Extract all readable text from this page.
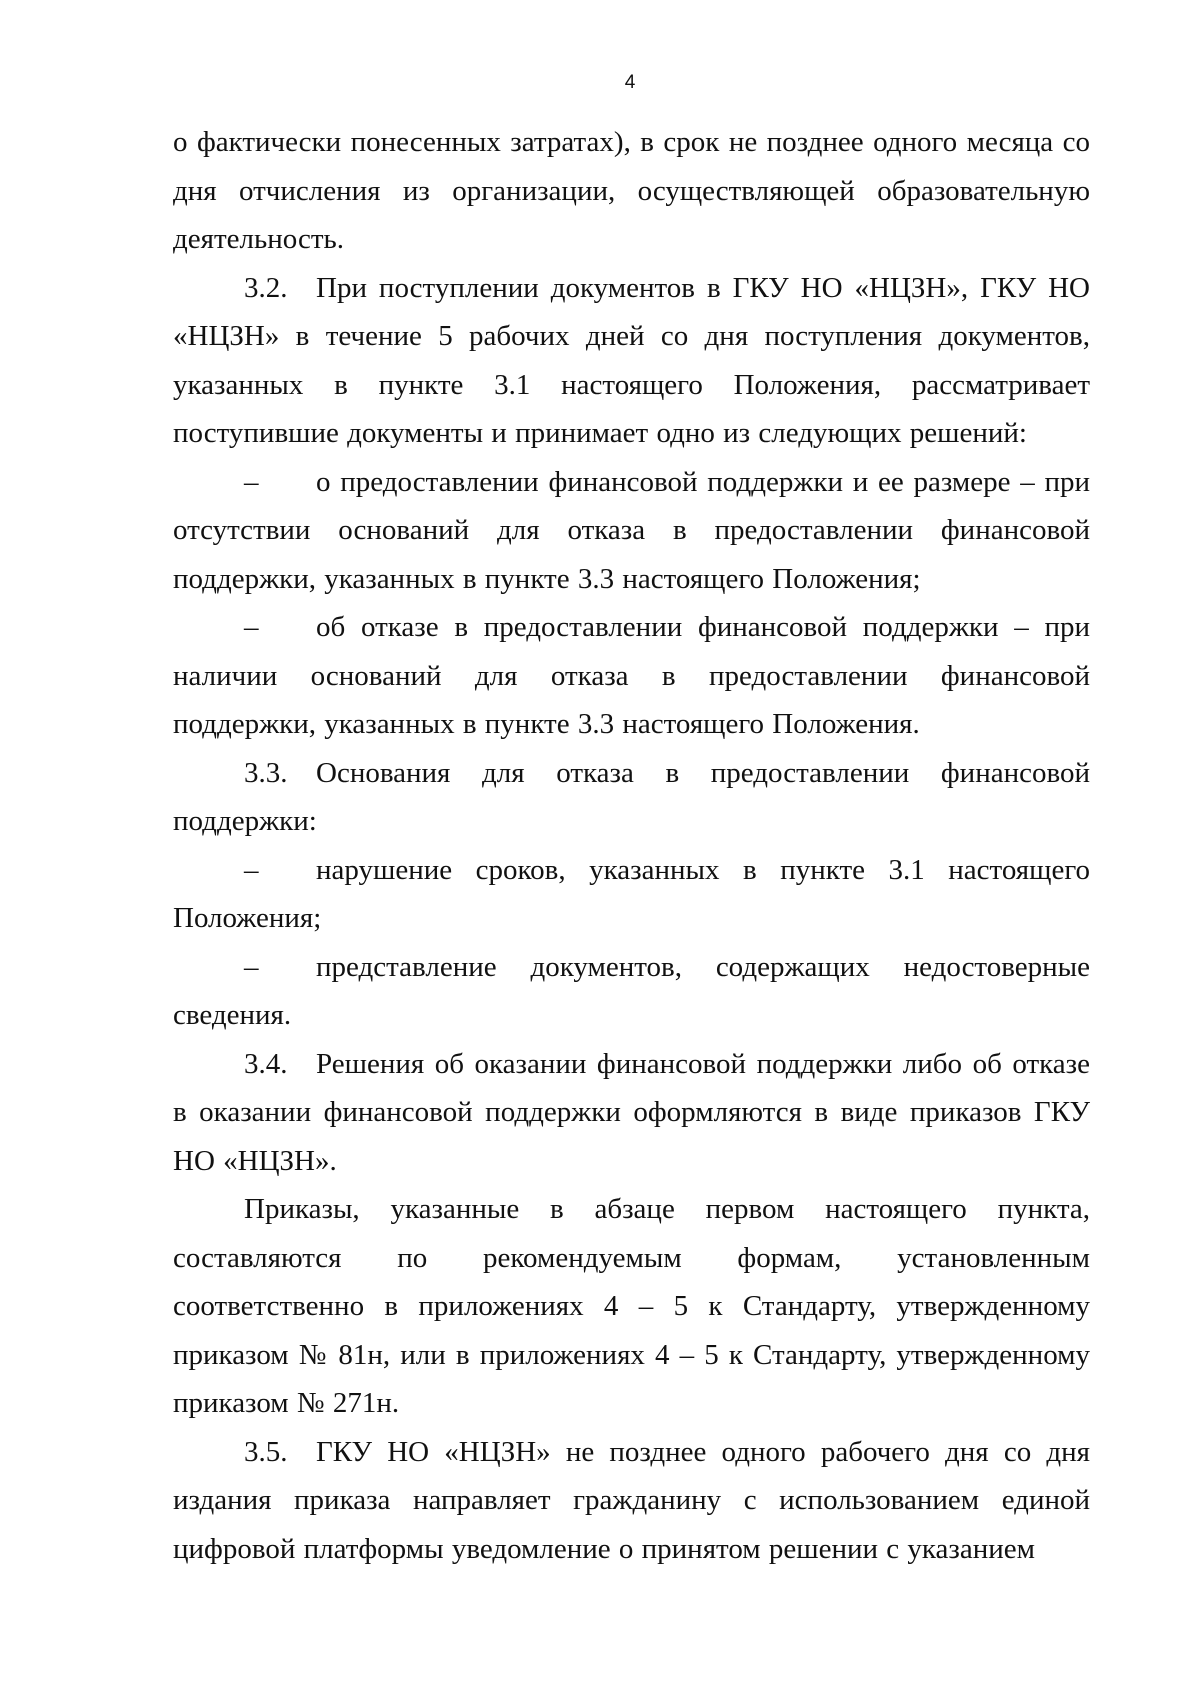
4

о фактически понесенных затратах), в срок не позднее одного месяца со дня отчисления из организации, осуществляющей образовательную деятельность.

3.2. При поступлении документов в ГКУ НО «НЦЗН», ГКУ НО «НЦЗН» в течение 5 рабочих дней со дня поступления документов, указанных в пункте 3.1 настоящего Положения, рассматривает поступившие документы и принимает одно из следующих решений:

– о предоставлении финансовой поддержки и ее размере – при отсутствии оснований для отказа в предоставлении финансовой поддержки, указанных в пункте 3.3 настоящего Положения;

– об отказе в предоставлении финансовой поддержки – при наличии оснований для отказа в предоставлении финансовой поддержки, указанных в пункте 3.3 настоящего Положения.

3.3. Основания для отказа в предоставлении финансовой поддержки:

– нарушение сроков, указанных в пункте 3.1 настоящего Положения;

– представление документов, содержащих недостоверные сведения.

3.4. Решения об оказании финансовой поддержки либо об отказе в оказании финансовой поддержки оформляются в виде приказов ГКУ НО «НЦЗН».

Приказы, указанные в абзаце первом настоящего пункта, составляются по рекомендуемым формам, установленным соответственно в приложениях 4 – 5 к Стандарту, утвержденному приказом № 81н, или в приложениях 4 – 5 к Стандарту, утвержденному приказом № 271н.

3.5. ГКУ НО «НЦЗН» не позднее одного рабочего дня со дня издания приказа направляет гражданину с использованием единой цифровой платформы уведомление о принятом решении с указанием
